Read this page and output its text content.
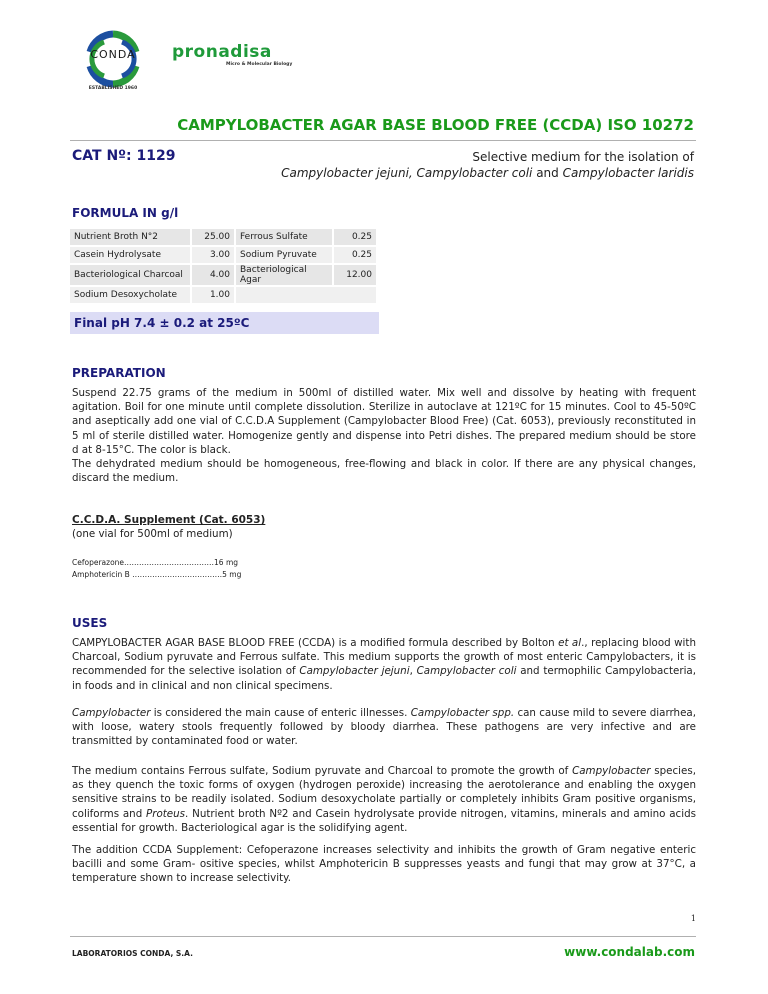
CONDA
ESTABLISHED 1960
pronadisa
Micro & Molecular Biology
CAMPYLOBACTER AGAR BASE BLOOD FREE (CCDA) ISO 10272
CAT Nº: 1129	Selective medium for the isolation of
Campylobacter jejuni, Campylobacter coli and Campylobacter laridis
FORMULA IN g/l
Nutrient Broth N°2	25.00	Ferrous Sulfate	0.25
Casein Hydrolysate	3.00	Sodium Pyruvate	0.25
Bacteriological Charcoal	4.00	Bacteriological Agar	12.00
Sodium Desoxycholate	1.00		
Final pH 7.4 ± 0.2 at 25ºC
PREPARATION
Suspend 22.75 grams of the medium in 500ml of distilled water. Mix well and dissolve by heating with frequent agitation. Boil for one minute until complete dissolution. Sterilize in autoclave at 121ºC for 15 minutes. Cool to 45-50ºC and aseptically add one vial of C.C.D.A Supplement (Campylobacter Blood Free) (Cat. 6053), previously reconstituted in 5 ml of sterile distilled water. Homogenize gently and dispense into Petri dishes. The prepared medium should be store d at 8-15°C. The color is black.
The dehydrated medium should be homogeneous, free-flowing and black in color. If there are any physical changes, discard the medium.
C.C.D.A. Supplement (Cat. 6053)
(one vial for 500ml of medium)
Cefoperazone………………………………16 mg
Amphotericin B ………………………………5 mg
USES
CAMPYLOBACTER AGAR BASE BLOOD FREE (CCDA) is a modified formula described by Bolton et al., replacing blood with Charcoal, Sodium pyruvate and Ferrous sulfate. This medium supports the growth of most enteric Campylobacters, it is recommended for the selective isolation of Campylobacter jejuni, Campylobacter coli and termophilic Campylobacteria, in foods and in clinical and non clinical specimens.
Campylobacter is considered the main cause of enteric illnesses. Campylobacter spp. can cause mild to severe diarrhea, with loose, watery stools frequently followed by bloody diarrhea. These pathogens are very infective and are transmitted by contaminated food or water.
The medium contains Ferrous sulfate, Sodium pyruvate and Charcoal to promote the growth of Campylobacter species, as they quench the toxic forms of oxygen (hydrogen peroxide) increasing the aerotolerance and enabling the oxygen sensitive strains to be readily isolated. Sodium desoxycholate partially or completely inhibits Gram positive organisms, coliforms and Proteus. Nutrient broth Nº2 and Casein hydrolysate provide nitrogen, vitamins, minerals and amino acids essential for growth. Bacteriological agar is the solidifying agent.
The addition CCDA Supplement: Cefoperazone increases selectivity and inhibits the growth of Gram negative enteric bacilli and some Gram- ositive species, whilst Amphotericin B suppresses yeasts and fungi that may grow at 37°C, a temperature shown to increase selectivity.
1
LABORATORIOS CONDA, S.A.	www.condalab.com
